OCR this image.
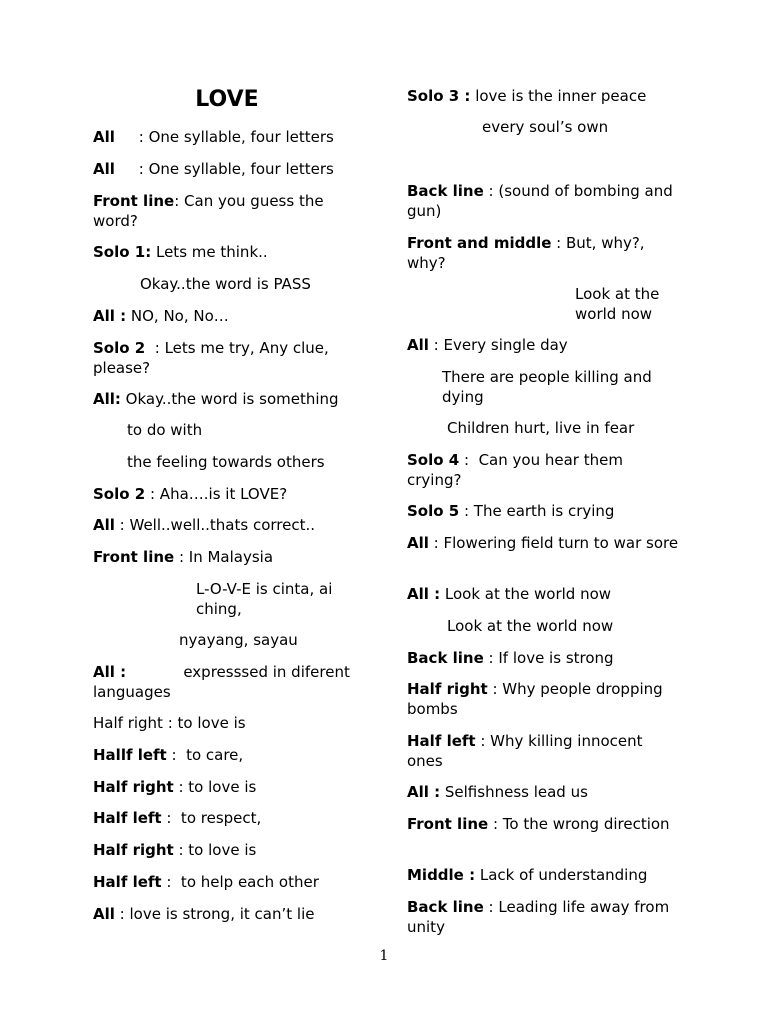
LOVE
All     : One syllable, four letters
All     : One syllable, four letters
Front line: Can you guess the word?
Solo 1: Lets me think..
Okay..the word is PASS
All : NO, No, No…
Solo 2  : Lets me try, Any clue, please?
All: Okay..the word is something
to do with
the feeling towards others
Solo 2 : Aha….is it LOVE?
All : Well..well..thats correct..
Front line : In Malaysia
L-O-V-E is cinta, ai ching,
nyayang, sayau
All :            expresssed in diferent languages
Half right : to love is
Hallf left :  to care,
Half right : to love is
Half left :  to respect,
Half right : to love is
Half left :  to help each other
All : love is strong, it can’t lie
Solo 3 : love is the inner peace
every soul’s own
Back line : (sound of bombing and gun)
Front and middle : But, why?, why?
Look at the world now
All : Every single day
There are people killing and dying
Children hurt, live in fear
Solo 4 :  Can you hear them crying?
Solo 5 : The earth is crying
All : Flowering field turn to war sore
All : Look at the world now
Look at the world now
Back line : If love is strong
Half right : Why people dropping bombs
Half left : Why killing innocent ones
All : Selfishness lead us
Front line : To the wrong direction
Middle : Lack of understanding
Back line : Leading life away from unity
1
